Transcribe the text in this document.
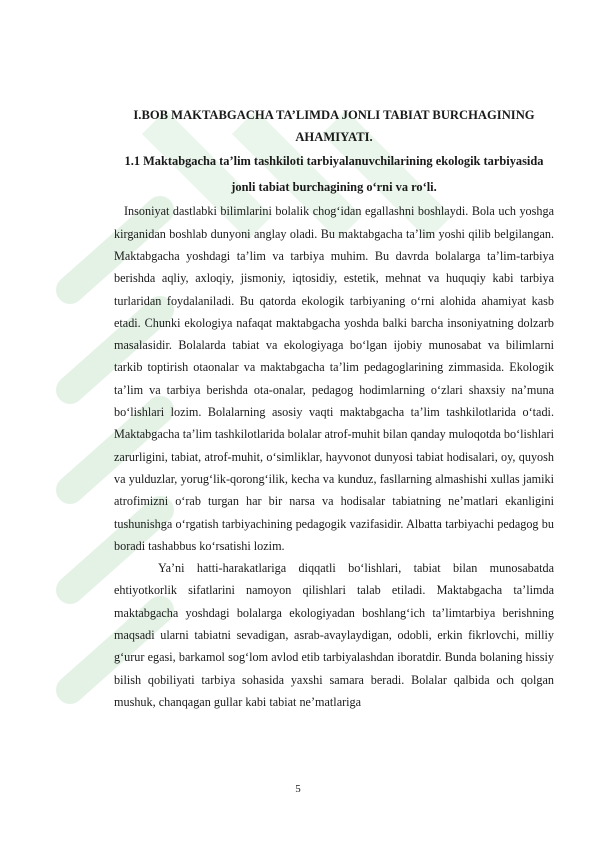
I.BOB MAKTABGACHA TA’LIMDA JONLI TABIAT BURCHAGINING AHAMIYATI.

1.1 Maktabgacha ta’lim tashkiloti tarbiyalanuvchilarining ekologik tarbiyasida jonli tabiat burchagining o‘rni va ro‘li.

Insoniyat dastlabki bilimlarini bolalik chog‘idan egallashni boshlaydi. Bola uch yoshga kirganidan boshlab dunyoni anglay oladi. Bu maktabgacha ta’lim yoshi qilib belgilangan. Maktabgacha yoshdagi ta’lim va tarbiya muhim. Bu davrda bolalarga ta’lim-tarbiya berishda aqliy, axloqiy, jismoniy, iqtosidiy, estetik, mehnat va huquqiy kabi tarbiya turlaridan foydalaniladi. Bu qatorda ekologik tarbiyaning o‘rni alohida ahamiyat kasb etadi. Chunki ekologiya nafaqat maktabgacha yoshda balki barcha insoniyatning dolzarb masalasidir. Bolalarda tabiat va ekologiyaga bo‘lgan ijobiy munosabat va bilimlarni tarkib toptirish otaonalar va maktabgacha ta’lim pedagoglarining zimmasida. Ekologik ta’lim va tarbiya berishda ota-onalar, pedagog hodimlarning o‘zlari shaxsiy na’muna bo‘lishlari lozim. Bolalarning asosiy vaqti maktabgacha ta’lim tashkilotlarida o‘tadi. Maktabgacha ta’lim tashkilotlarida bolalar atrof-muhit bilan qanday muloqotda bo‘lishlari zarurligini, tabiat, atrof-muhit, o‘simliklar, hayvonot dunyosi tabiat hodisalari, oy, quyosh va yulduzlar, yorug‘lik-qorong‘ilik, kecha va kunduz, fasllarning almashishi xullas jamiki atrofimizni o‘rab turgan har bir narsa va hodisalar tabiatning ne’matlari ekanligini tushunishga o‘rgatish tarbiyachining pedagogik vazifasidir. Albatta tarbiyachi pedagog bu boradi tashabbus ko‘rsatishi lozim.

Ya’ni hatti-harakatlariga diqqatli bo‘lishlari, tabiat bilan munosabatda ehtiyotkorlik sifatlarini namoyon qilishlari talab etiladi. Maktabgacha ta’limda maktabgacha yoshdagi bolalarga ekologiyadan boshlang‘ich ta’limtarbiya berishning maqsadi ularni tabiatni sevadigan, asrab-avaylaydigan, odobli, erkin fikrlovchi, milliy g‘urur egasi, barkamol sog‘lom avlod etib tarbiyalashdan iboratdir. Bunda bolaning hissiy bilish qobiliyati tarbiya sohasida yaxshi samara beradi. Bolalar qalbida och qolgan mushuk, chanqagan gullar kabi tabiat ne’matlariga

5
